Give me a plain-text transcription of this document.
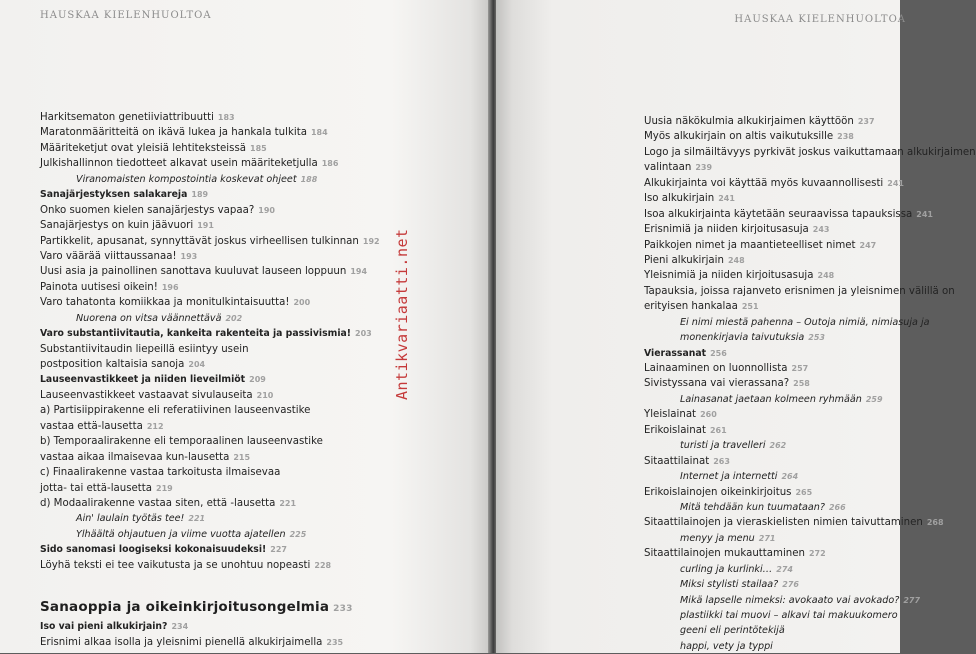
HAUSKAA KIELENHUOLTOA
Harkitsematon genetiiviattribuutti 183
Maratonmääritteitä on ikävä lukea ja hankala tulkita 184
Määriteketjut ovat yleisiä lehtiteksteissä 185
Julkishallinnon tiedotteet alkavat usein määriteketjulla 186
Viranomaisten kompostointia koskevat ohjeet 188
Sanajärjestyksen salakareja 189
Onko suomen kielen sanajärjestys vapaa? 190
Sanajärjestys on kuin jäävuori 191
Partikkelit, apusanat, synnyttävät joskus virheellisen tulkinnan 192
Varo väärää viittaussanaa! 193
Uusi asia ja painollinen sanottava kuuluvat lauseen loppuun 194
Painota uutisesi oikein! 196
Varo tahatonta komiikkaa ja monitulkintaisuutta! 200
Nuorena on vitsa väännettävä 202
Varo substantiivitautia, kankeita rakenteita ja passivismia! 203
Substantiivitaudin liepeillä esiintyy usein
postposition kaltaisia sanoja 204
Lauseenvastikkeet ja niiden lieveilmiöt 209
Lauseenvastikkeet vastaavat sivulauseita 210
a) Partisiippirakenne eli referatiivinen lauseenvastike
vastaa että-lausetta 212
b) Temporaalirakenne eli temporaalinen lauseenvastike
vastaa aikaa ilmaisevaa kun-lausetta 215
c) Finaalirakenne vastaa tarkoitusta ilmaisevaa
jotta- tai että-lausetta 219
d) Modaalirakenne vastaa siten, että -lausetta 221
Ain' laulain työtäs tee! 221
Ylhäältä ohjautuen ja viime vuotta ajatellen 225
Sido sanomasi loogiseksi kokonaisuudeksi! 227
Löyhä teksti ei tee vaikutusta ja se unohtuu nopeasti 228
Sanaoppia ja oikeinkirjoitusongelmia 233
Iso vai pieni alkukirjain? 234
Erisnimi alkaa isolla ja yleisnimi pienellä alkukirjaimella 235
HAUSKAA KIELENHUOLTOA
Uusia näkökulmia alkukirjaimen käyttöön 237
Myös alkukirjain on altis vaikutuksille 238
Logo ja silmäiltävyys pyrkivät joskus vaikuttamaan alkukirjaimen
valintaan 239
Alkukirjainta voi käyttää myös kuvaannollisesti 241
Iso alkukirjain 241
Isoa alkukirjainta käytetään seuraavissa tapauksissa 241
Erisnimiä ja niiden kirjoitusasuja 243
Paikkojen nimet ja maantieteelliset nimet 247
Pieni alkukirjain 248
Yleisnimiä ja niiden kirjoitusasuja 248
Tapauksia, joissa rajanveto erisnimen ja yleisnimen välillä on
erityisen hankalaa 251
Ei nimi miestä pahenna – Outoja nimiä, nimiasuja ja
monenkirjavia taivutuksia 253
Vierassanat 256
Lainaaminen on luonnollista 257
Sivistyssana vai vierassana? 258
Lainasanat jaetaan kolmeen ryhmään 259
Yleislainat 260
Erikoislainat 261
turisti ja travelleri 262
Sitaattilainat 263
Internet ja internetti 264
Erikoislainojen oikeinkirjoitus 265
Mitä tehdään kun tuumataan? 266
Sitaattilainojen ja vieraskielisten nimien taivuttaminen 268
menyy ja menu 271
Sitaattilainojen mukauttaminen 272
curling ja kurlinki… 274
Miksi stylisti stailaa? 276
Mikä lapselle nimeksi: avokaato vai avokado? 277
plastiikki tai muovi – alkavi tai makuukomero
geeni eli perintötekijä
happi, vety ja typpi
Antikvariaatti.net
